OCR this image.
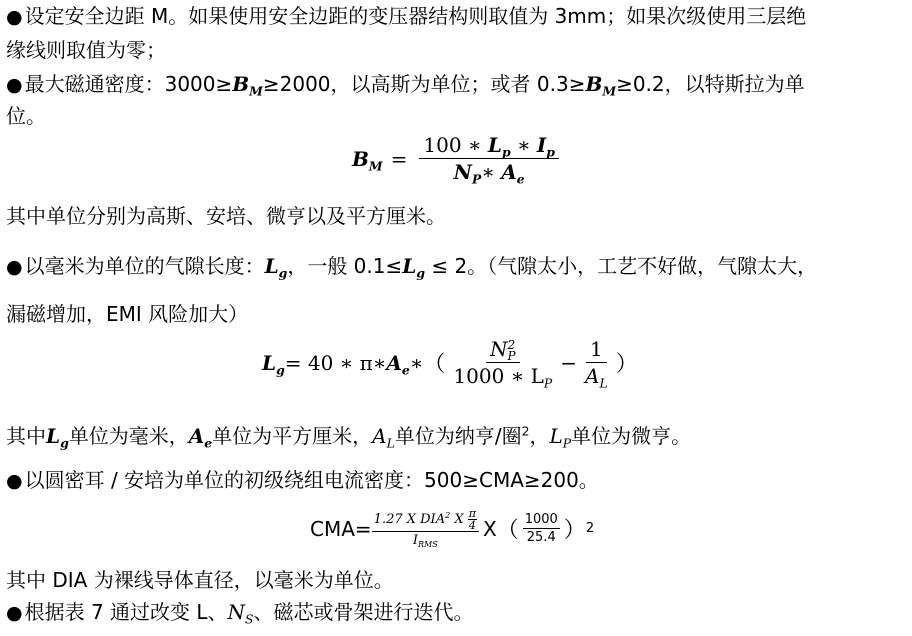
● 设定安全边距 M。如果使用安全边距的变压器结构则取值为 3mm；如果次级使用三层绝
缘线则取值为零；
● 最大磁通密度：$3000\ge B_M\ge 2000$，以高斯为单位；或者 $0.3\ge B_M\ge 0.2$，以特斯拉为单
位。
$B_M = \frac{100 ∗ L_p ∗ I_p}{N_P∗ A_e}$
其中单位分别为高斯、安培、微亨以及平方厘米。
● 以毫米为单位的气隙长度：$L_g$，一般 $0.1\le L_g \le 2$。（气隙太小，工艺不好做，气隙太大，
漏磁增加，EMI 风险加大）
$L_g = 40$ ∗ π∗ $A_e$ ∗ （ N 2
P
1000 ∗ $L_P - \frac{1}{A_L}$ ）
其中$L_g$单位为毫米，$A_e$单位为平方厘米，$A_L$单位为纳亨/圈$^2$，$L_P$单位为微亨。
● 以圆密耳 / 安培为单位的初级绕组电流密度：500≥CMA≥200。
$CMA= \frac{1.27 X DIA^2 X \frac{\pi}{4}}{I_{RMS}}$ X （ $\frac{1000}{25.4}$ ） 2
其中 DIA 为裸线导体直径，以毫米为单位。
● 根据表 7 通过改变 L、$N_S$、磁芯或骨架进行迭代。
